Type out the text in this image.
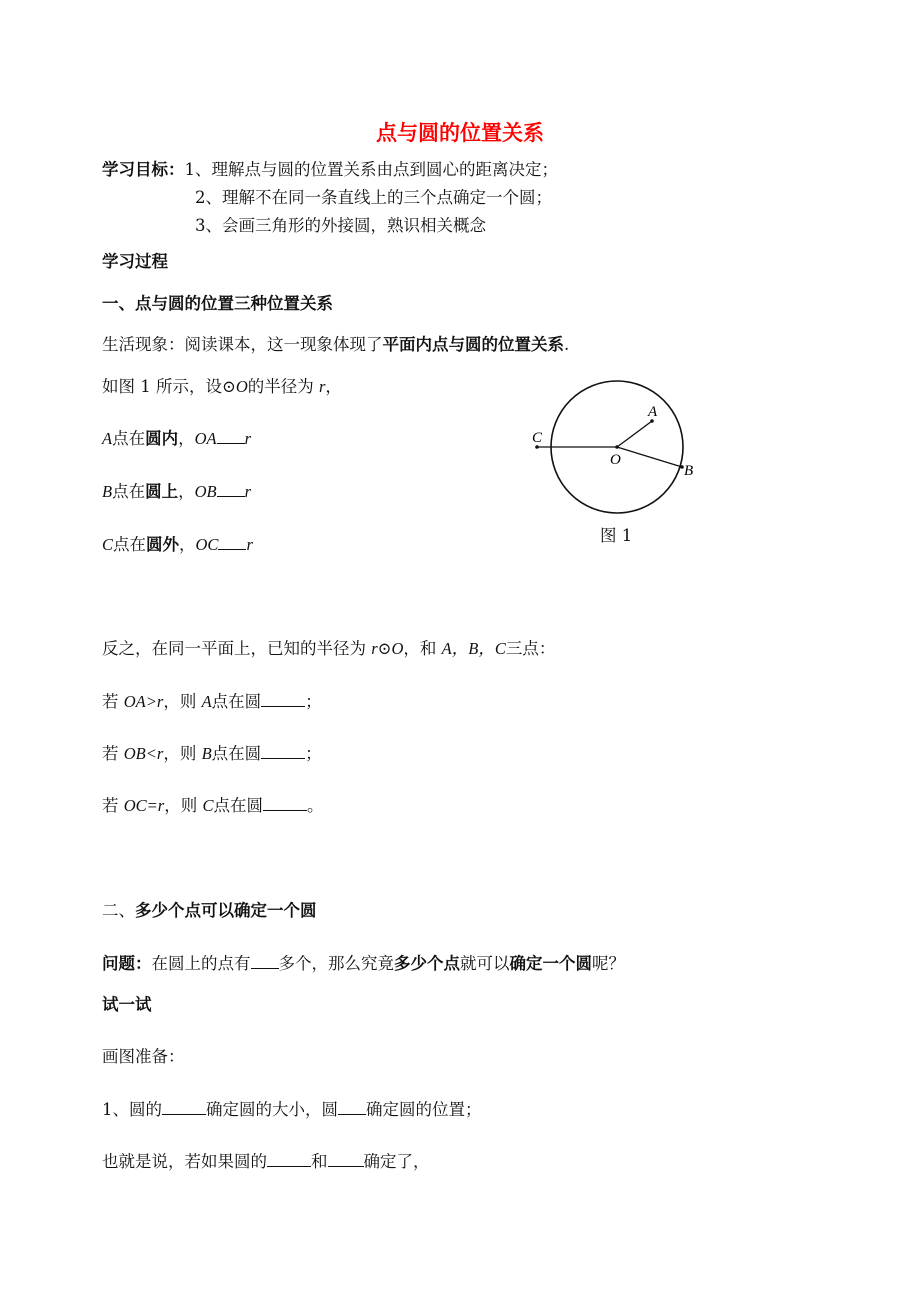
点与圆的位置关系
学习目标：1、理解点与圆的位置关系由点到圆心的距离决定；
2、理解不在同一条直线上的三个点确定一个圆；
3、会画三角形的外接圆，熟识相关概念
学习过程
一、点与圆的位置三种位置关系
生活现象：阅读课本，这一现象体现了平面内点与圆的位置关系.
如图 1 所示，设⊙O的半径为 r，
A点在圆内，OA r
B点在圆上，OB r
C点在圆外，OC r
A
B
C
O
图 1
反之，在同一平面上，已知的半径为 r⊙O，和 A，B，C三点：
若 OA>r，则 A点在圆	；
若 OB<r，则 B点在圆	；
若 OC=r，则 C点在圆	。
二、多少个点可以确定一个圆
问题：在圆上的点有 多个，那么究竟多少个点就可以确定一个圆呢？
试一试
画图准备：
1、圆的	确定圆的大小，圆 确定圆的位置；
也就是说，若如果圆的	和 确定了，
